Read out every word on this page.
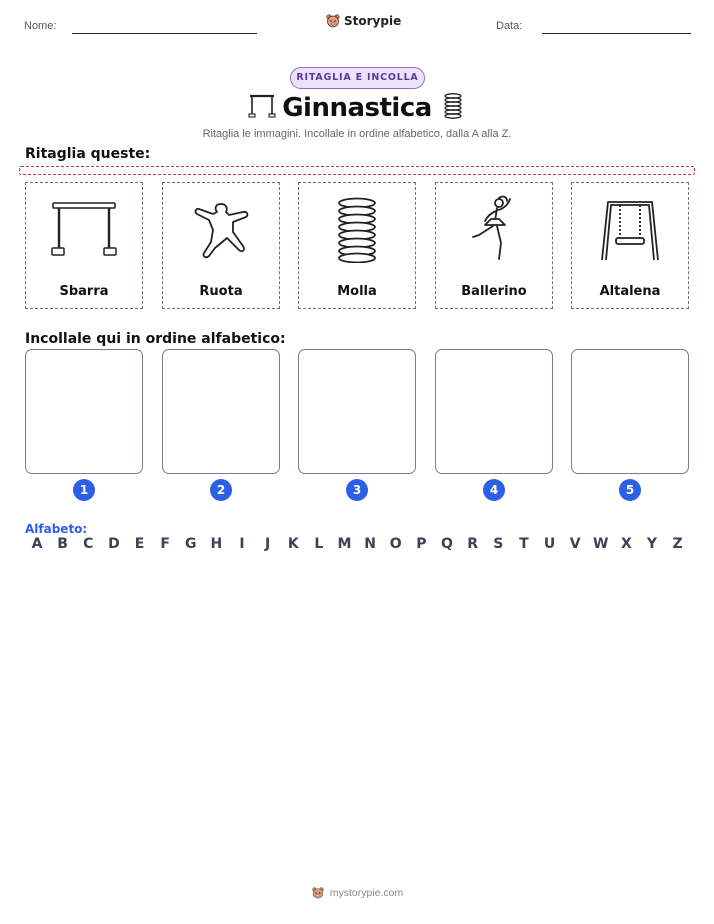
Nome:	Storypie	Data:
RITAGLIA E INCOLLA
Ginnastica
Ritaglia le immagini. Incollale in ordine alfabetico, dalla A alla Z.
Ritaglia queste:
Sbarra	Ruota	Molla	Ballerino	Altalena
Incollale qui in ordine alfabetico:
1	2	3	4	5
Alfabeto:
A	B	C	D	E	F	G	H	I	J	K	L	M N O	P	Q	R	S	T	U	V W X	Y	Z
mystorypie.com
